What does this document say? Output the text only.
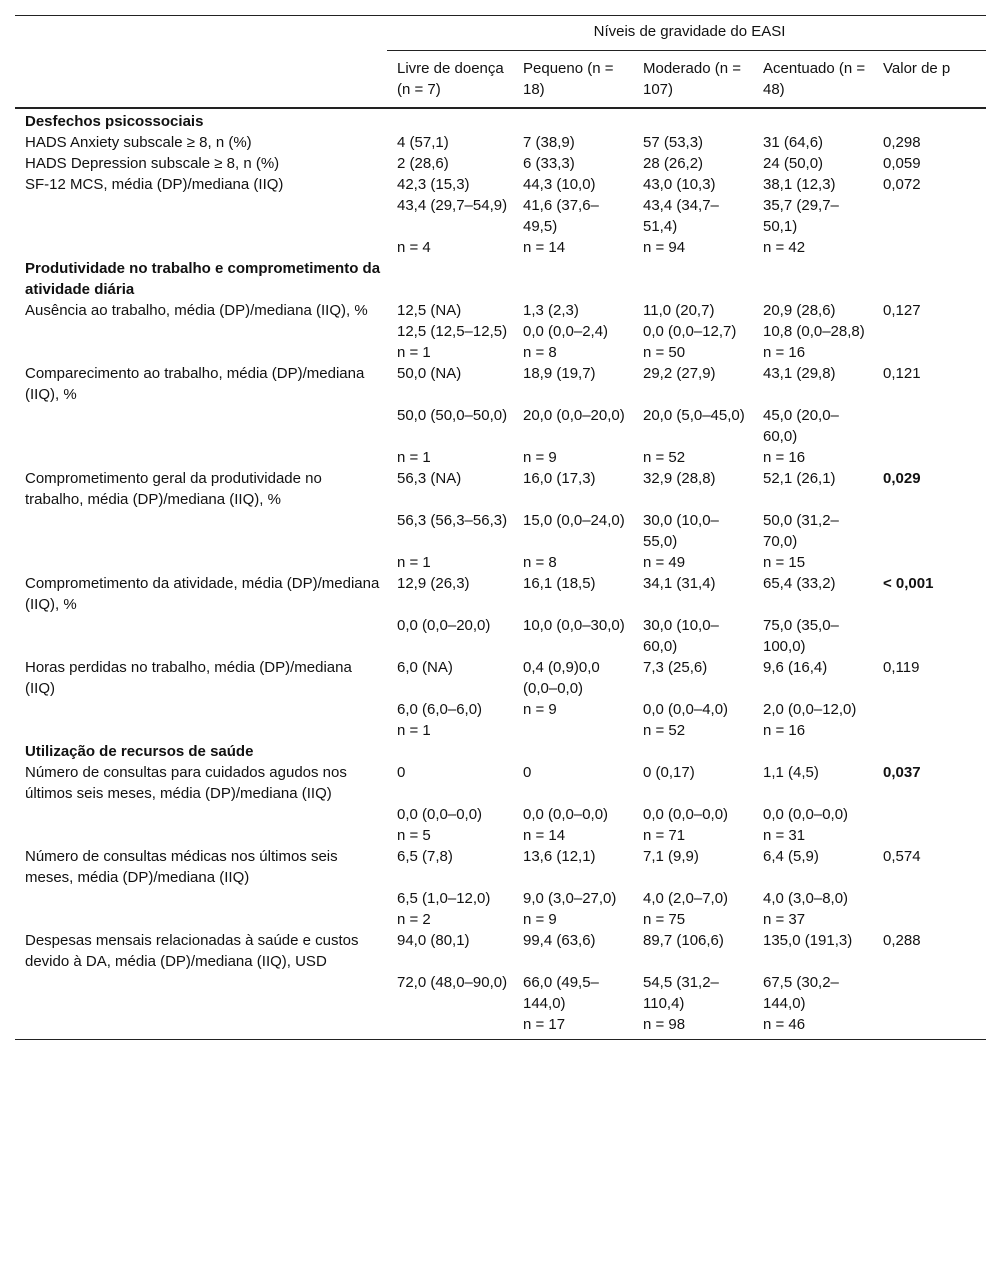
	Níveis de gravidade do EASI				
	Livre de doença (n = 7)	Pequeno (n = 18)	Moderado (n = 107)	Acentuado (n = 48)	Valor de p
Desfechos psicossociais					
HADS Anxiety subscale ≥ 8, n (%)	4 (57,1)	7 (38,9)	57 (53,3)	31 (64,6)	0,298
HADS Depression subscale ≥ 8, n (%)	2 (28,6)	6 (33,3)	28 (26,2)	24 (50,0)	0,059
SF-12 MCS, média (DP)/mediana (IIQ)	42,3 (15,3)	44,3 (10,0)	43,0 (10,3)	38,1 (12,3)	0,072
	43,4 (29,7–54,9)	41,6 (37,6–49,5)	43,4 (34,7–51,4)	35,7 (29,7–50,1)	
	n = 4	n = 14	n = 94	n = 42	
Produtividade no trabalho e comprometimento da atividade diária					
Ausência ao trabalho, média (DP)/mediana (IIQ), %	12,5 (NA)	1,3 (2,3)	11,0 (20,7)	20,9 (28,6)	0,127
	12,5 (12,5–12,5)	0,0 (0,0–2,4)	0,0 (0,0–12,7)	10,8 (0,0–28,8)	
	n = 1	n = 8	n = 50	n = 16	
Comparecimento ao trabalho, média (DP)/mediana (IIQ), %	50,0 (NA)	18,9 (19,7)	29,2 (27,9)	43,1 (29,8)	0,121
	50,0 (50,0–50,0)	20,0 (0,0–20,0)	20,0 (5,0–45,0)	45,0 (20,0–60,0)	
	n = 1	n = 9	n = 52	n = 16	
Comprometimento geral da produtividade no trabalho, média (DP)/mediana (IIQ), %	56,3 (NA)	16,0 (17,3)	32,9 (28,8)	52,1 (26,1)	0,029
	56,3 (56,3–56,3)	15,0 (0,0–24,0)	30,0 (10,0–55,0)	50,0 (31,2–70,0)	
	n = 1	n = 8	n = 49	n = 15	
Comprometimento da atividade, média (DP)/mediana (IIQ), %	12,9 (26,3)	16,1 (18,5)	34,1 (31,4)	65,4 (33,2)	< 0,001
	0,0 (0,0–20,0)	10,0 (0,0–30,0)	30,0 (10,0–60,0)	75,0 (35,0–100,0)	
Horas perdidas no trabalho, média (DP)/mediana (IIQ)	6,0 (NA)	0,4 (0,9)0,0 (0,0–0,0)	7,3 (25,6)	9,6 (16,4)	0,119
	6,0 (6,0–6,0)	n = 9	0,0 (0,0–4,0)	2,0 (0,0–12,0)	
	n = 1		n = 52	n = 16	
Utilização de recursos de saúde					
Número de consultas para cuidados agudos nos últimos seis meses, média (DP)/mediana (IIQ)	0	0	0 (0,17)	1,1 (4,5)	0,037
	0,0 (0,0–0,0)	0,0 (0,0–0,0)	0,0 (0,0–0,0)	0,0 (0,0–0,0)	
	n = 5	n = 14	n = 71	n = 31	
Número de consultas médicas nos últimos seis meses, média (DP)/mediana (IIQ)	6,5 (7,8)	13,6 (12,1)	7,1 (9,9)	6,4 (5,9)	0,574
	6,5 (1,0–12,0)	9,0 (3,0–27,0)	4,0 (2,0–7,0)	4,0 (3,0–8,0)	
	n = 2	n = 9	n = 75	n = 37	
Despesas mensais relacionadas à saúde e custos devido à DA, média (DP)/mediana (IIQ), USD	94,0 (80,1)	99,4 (63,6)	89,7 (106,6)	135,0 (191,3)	0,288
	72,0 (48,0–90,0)	66,0 (49,5–144,0)	54,5 (31,2–110,4)	67,5 (30,2–144,0)	
		n = 17	n = 98	n = 46	
